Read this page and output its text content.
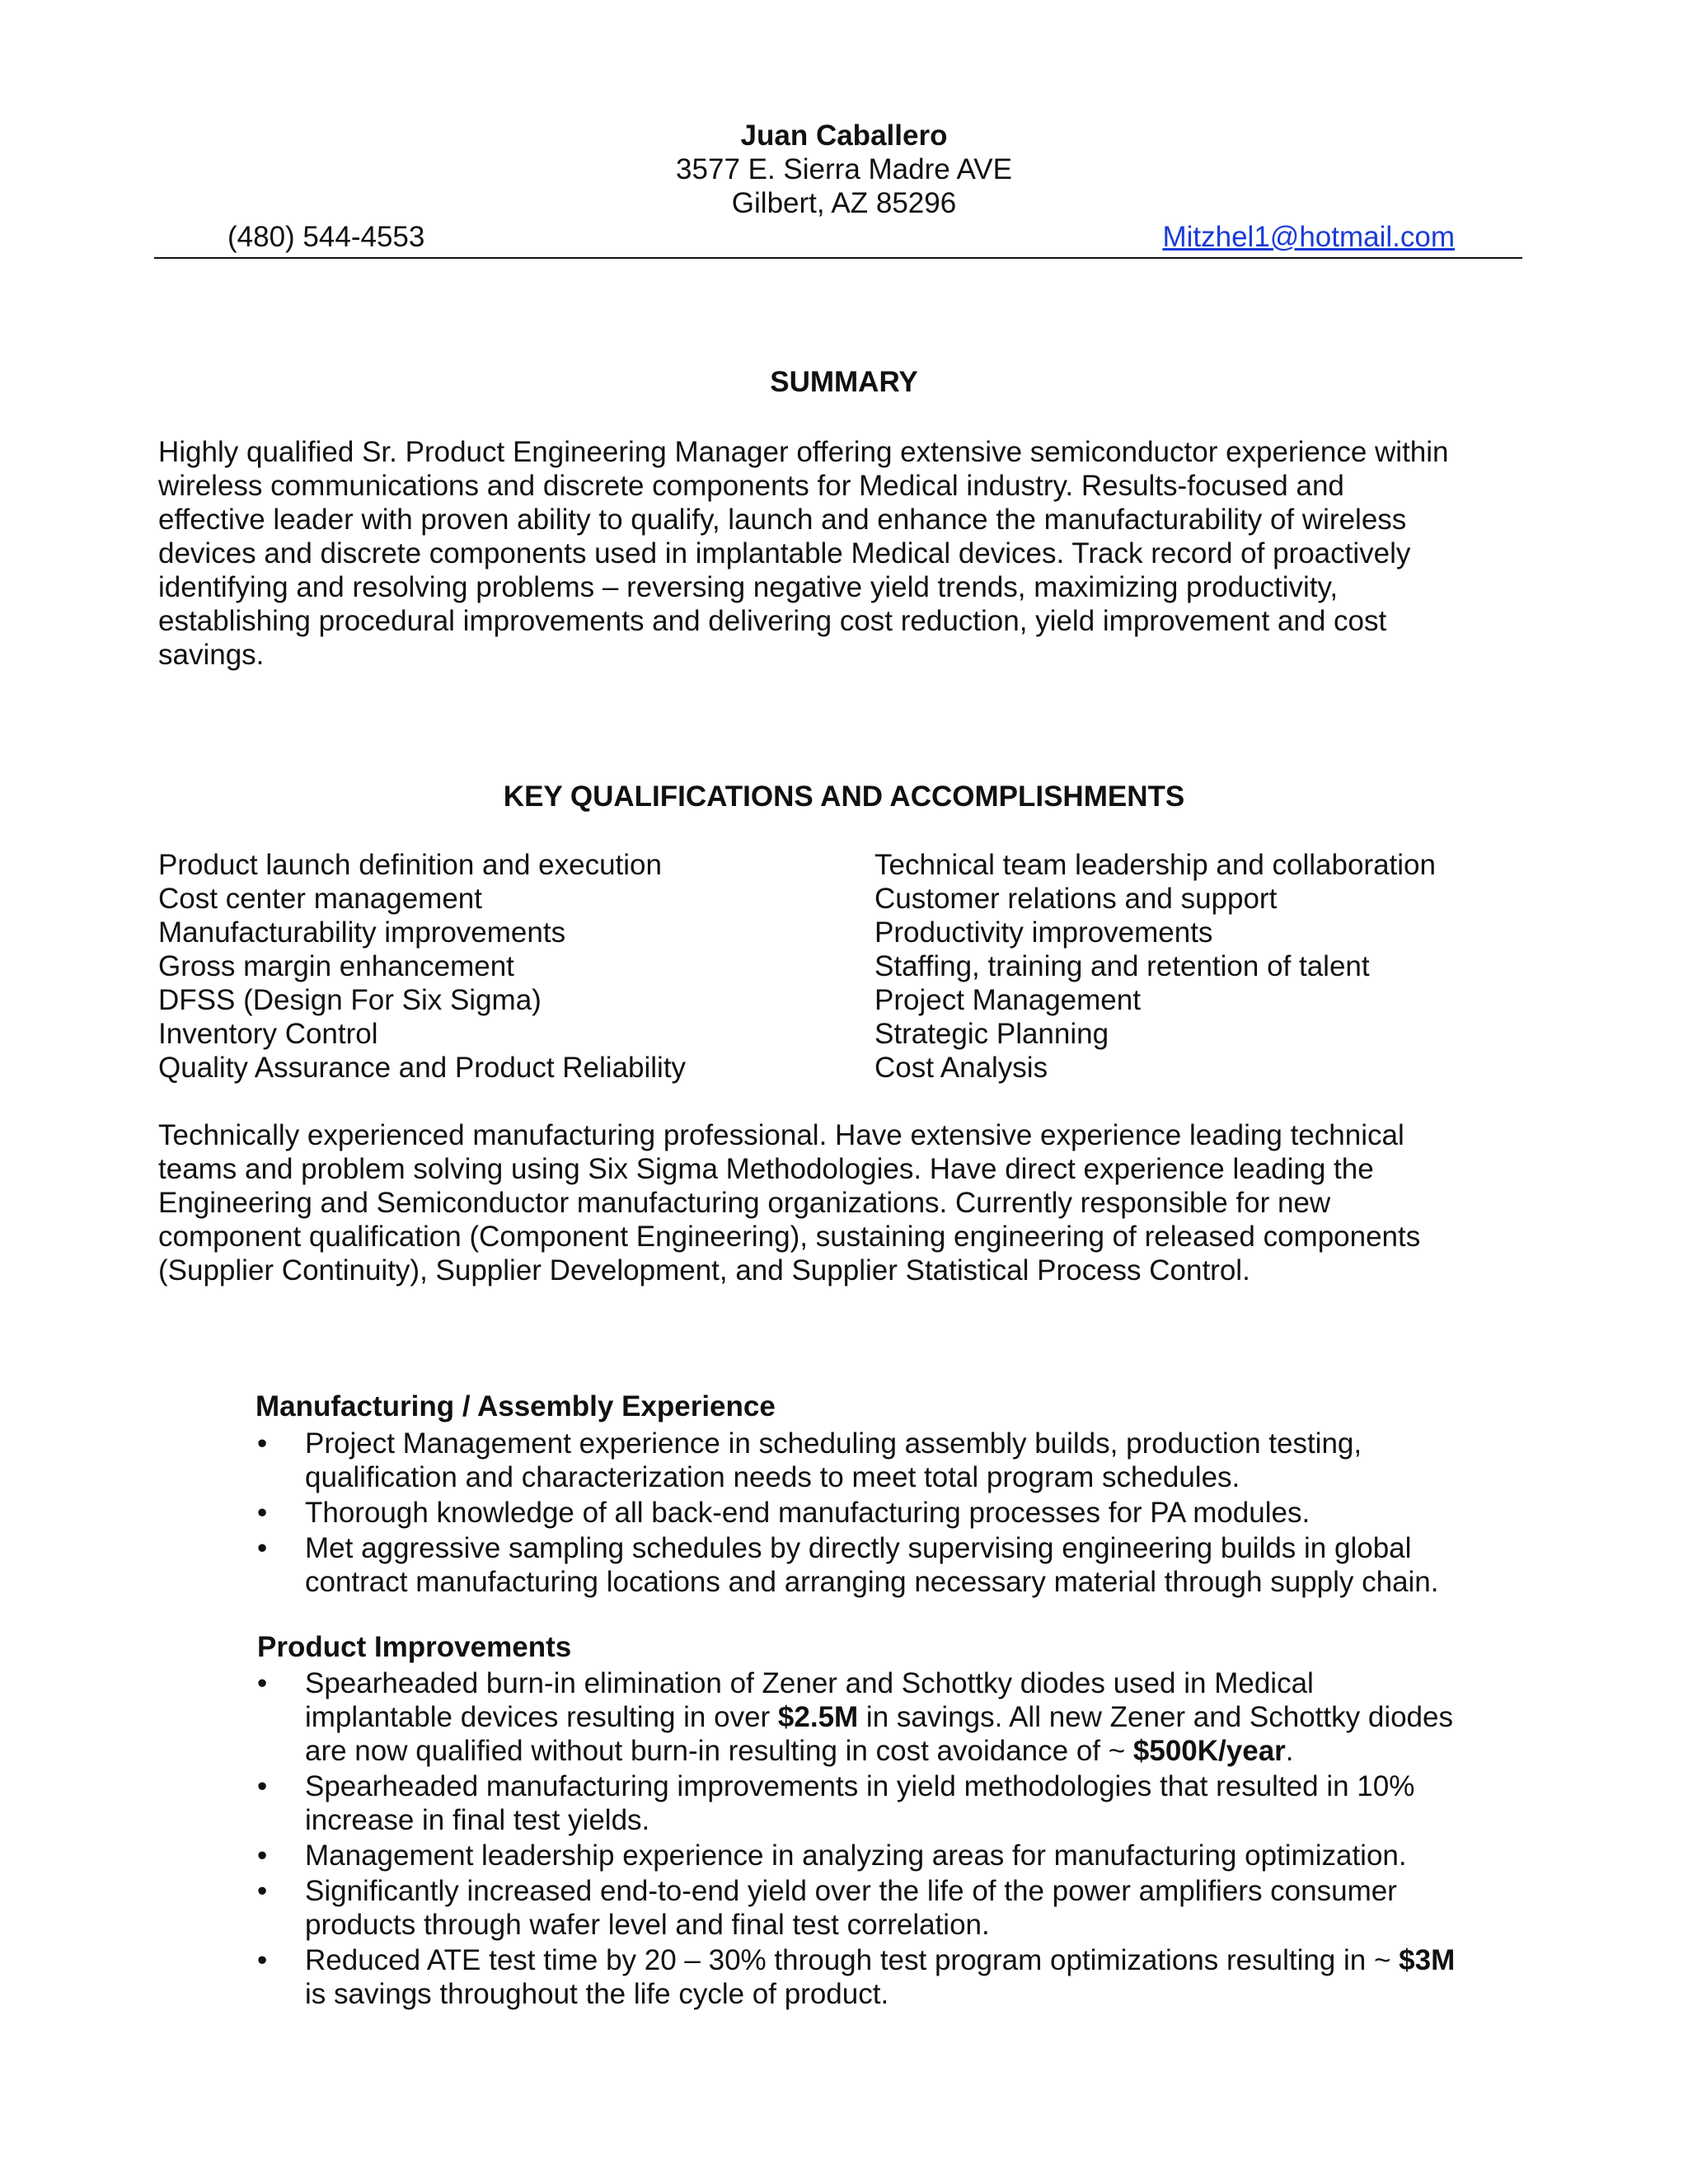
Juan Caballero
3577 E. Sierra Madre AVE
Gilbert, AZ 85296
(480) 544-4553	Mitzhel1@hotmail.com
SUMMARY
Highly qualified Sr. Product Engineering Manager offering extensive semiconductor experience within
wireless communications and discrete components for Medical industry. Results-focused and
effective leader with proven ability to qualify, launch and enhance the manufacturability of wireless
devices and discrete components used in implantable Medical devices. Track record of proactively
identifying and resolving problems – reversing negative yield trends, maximizing productivity,
establishing procedural improvements and delivering cost reduction, yield improvement and cost
savings.
KEY QUALIFICATIONS AND ACCOMPLISHMENTS
Product launch definition and execution
Cost center management
Manufacturability improvements
Gross margin enhancement
DFSS (Design For Six Sigma)
Inventory Control
Quality Assurance and Product Reliability
Technical team leadership and collaboration
Customer relations and support
Productivity improvements
Staffing, training and retention of talent
Project Management
Strategic Planning
Cost Analysis
Technically experienced manufacturing professional. Have extensive experience leading technical
teams and problem solving using Six Sigma Methodologies. Have direct experience leading the
Engineering and Semiconductor manufacturing organizations. Currently responsible for new
component qualification (Component Engineering), sustaining engineering of released components
(Supplier Continuity), Supplier Development, and Supplier Statistical Process Control.
Manufacturing / Assembly Experience
• Project Management experience in scheduling assembly builds, production testing,
qualification and characterization needs to meet total program schedules.
• Thorough knowledge of all back-end manufacturing processes for PA modules.
• Met aggressive sampling schedules by directly supervising engineering builds in global
contract manufacturing locations and arranging necessary material through supply chain.
Product Improvements
• Spearheaded burn-in elimination of Zener and Schottky diodes used in Medical
implantable devices resulting in over $2.5M in savings. All new Zener and Schottky diodes
are now qualified without burn-in resulting in cost avoidance of ~ $500K/year.
• Spearheaded manufacturing improvements in yield methodologies that resulted in 10%
increase in final test yields.
• Management leadership experience in analyzing areas for manufacturing optimization.
• Significantly increased end-to-end yield over the life of the power amplifiers consumer
products through wafer level and final test correlation.
• Reduced ATE test time by 20 – 30% through test program optimizations resulting in ~ $3M
is savings throughout the life cycle of product.
